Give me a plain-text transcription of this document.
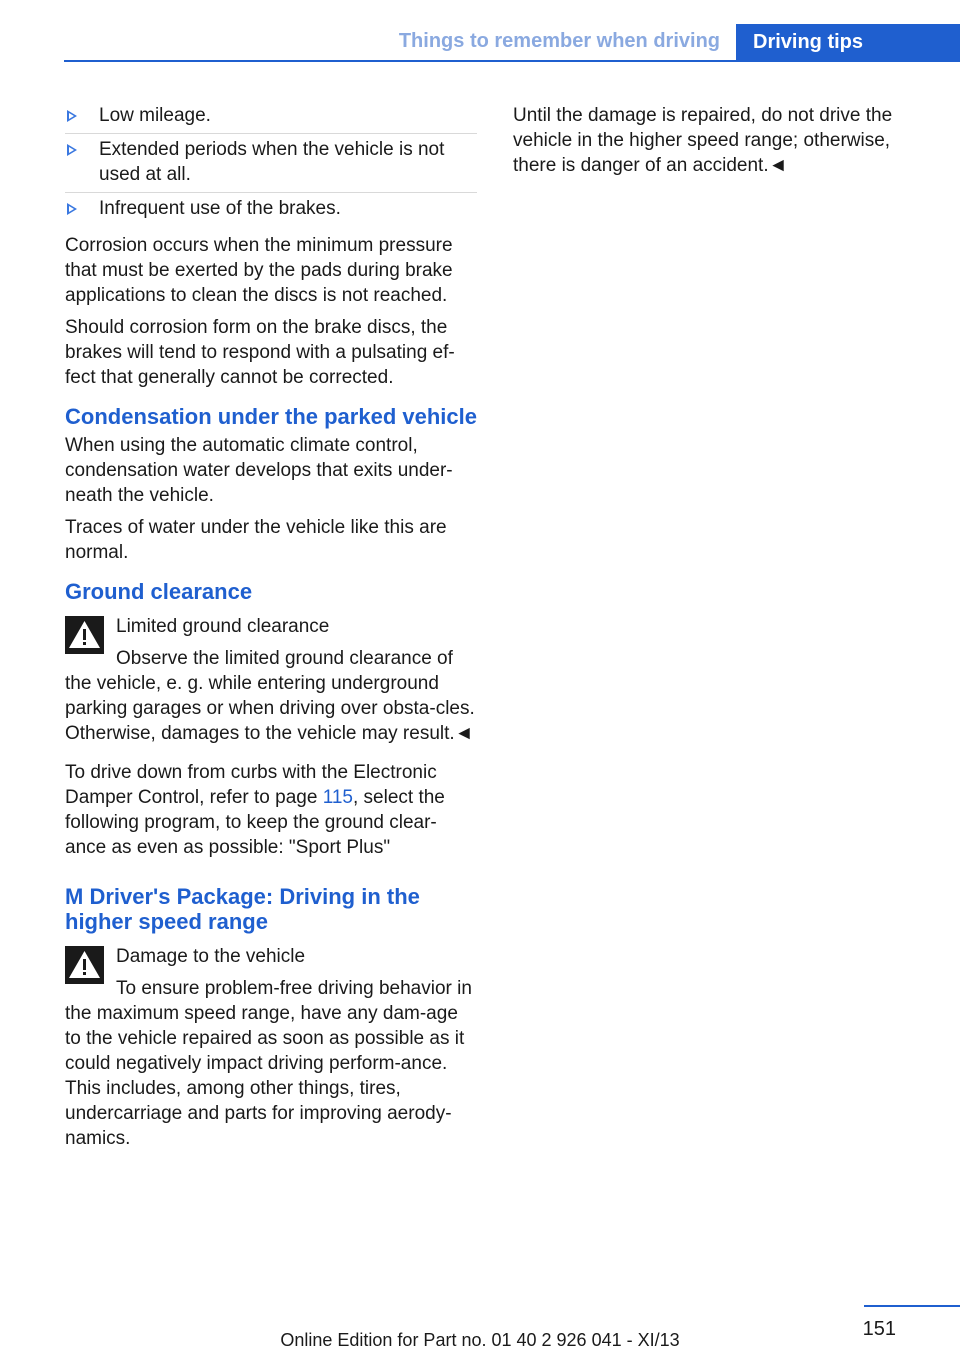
Things to remember when driving	Driving tips
Low mileage.
Extended periods when the vehicle is not used at all.
Infrequent use of the brakes.

Corrosion occurs when the minimum pressure that must be exerted by the pads during brake applications to clean the discs is not reached.

Should corrosion form on the brake discs, the brakes will tend to respond with a pulsating ef-fect that generally cannot be corrected.

Condensation under the parked vehicle

When using the automatic climate control, condensation water develops that exits under-neath the vehicle.

Traces of water under the vehicle like this are normal.

Ground clearance
Limited ground clearance

Observe the limited ground clearance of the vehicle, e. g. while entering underground parking garages or when driving over obsta-cles. Otherwise, damages to the vehicle may result.◄

To drive down from curbs with the Electronic Damper Control, refer to page 115, select the following program, to keep the ground clear-ance as even as possible: "Sport Plus"

M Driver's Package: Driving in the higher speed range
Damage to the vehicle

To ensure problem-free driving behavior in the maximum speed range, have any dam-age to the vehicle repaired as soon as possible as it could negatively impact driving perform-ance. This includes, among other things, tires, undercarriage and parts for improving aerody-namics.

Until the damage is repaired, do not drive the vehicle in the higher speed range; otherwise, there is danger of an accident.◄

151
Online Edition for Part no. 01 40 2 926 041 - XI/13
